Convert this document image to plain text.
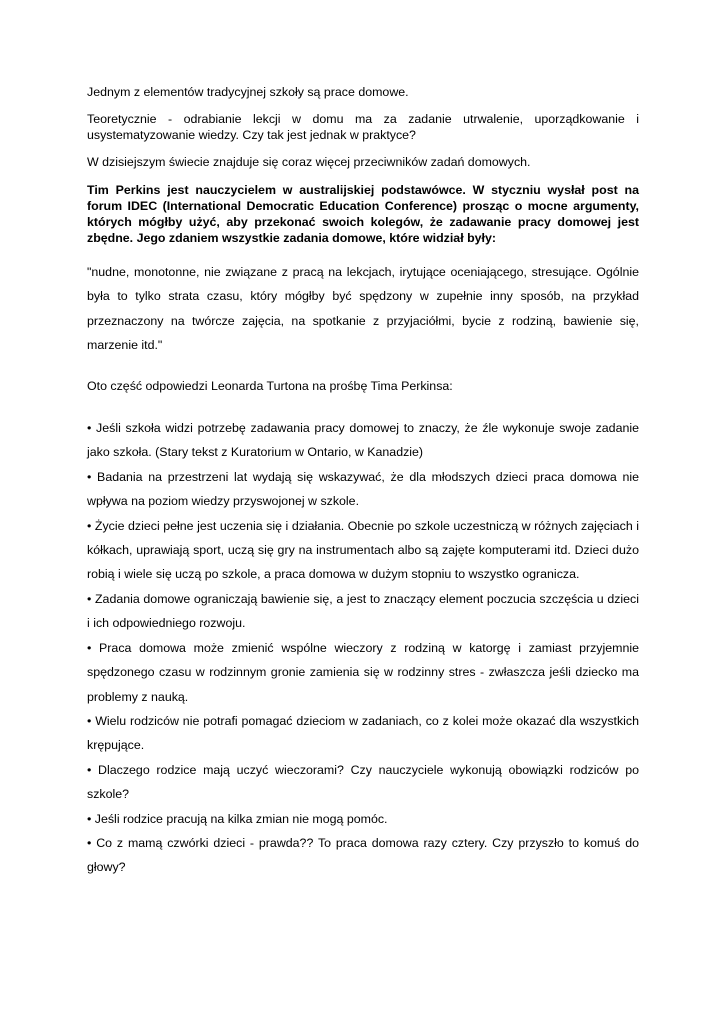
Jednym z elementów tradycyjnej szkoły są prace domowe.

Teoretycznie - odrabianie lekcji w domu ma za zadanie utrwalenie, uporządkowanie i usystematyzowanie wiedzy. Czy tak jest jednak w praktyce?

W dzisiejszym świecie znajduje się coraz więcej przeciwników zadań domowych.

Tim Perkins jest nauczycielem w australijskiej podstawówce. W styczniu wysłał post na forum IDEC (International Democratic Education Conference) prosząc o mocne argumenty, których mógłby użyć, aby przekonać swoich kolegów, że zadawanie pracy domowej jest zbędne. Jego zdaniem wszystkie zadania domowe, które widział były:

"nudne, monotonne, nie związane z pracą na lekcjach, irytujące oceniającego, stresujące. Ogólnie była to tylko strata czasu, który mógłby być spędzony w zupełnie inny sposób, na przykład przeznaczony na twórcze zajęcia, na spotkanie z przyjaciółmi, bycie z rodziną, bawienie się, marzenie itd."

Oto część odpowiedzi Leonarda Turtona na prośbę Tima Perkinsa:

• Jeśli szkoła widzi potrzebę zadawania pracy domowej to znaczy, że źle wykonuje swoje zadanie jako szkoła. (Stary tekst z Kuratorium w Ontario, w Kanadzie)

• Badania na przestrzeni lat wydają się wskazywać, że dla młodszych dzieci praca domowa nie wpływa na poziom wiedzy przyswojonej w szkole.

• Życie dzieci pełne jest uczenia się i działania. Obecnie po szkole uczestniczą w różnych zajęciach i kółkach, uprawiają sport, uczą się gry na instrumentach albo są zajęte komputerami itd. Dzieci dużo robią i wiele się uczą po szkole, a praca domowa w dużym stopniu to wszystko ogranicza.

• Zadania domowe ograniczają bawienie się, a jest to znaczący element poczucia szczęścia u dzieci i ich odpowiedniego rozwoju.

• Praca domowa może zmienić wspólne wieczory z rodziną w katorgę i zamiast przyjemnie spędzonego czasu w rodzinnym gronie zamienia się w rodzinny stres - zwłaszcza jeśli dziecko ma problemy z nauką.

• Wielu rodziców nie potrafi pomagać dzieciom w zadaniach, co z kolei może okazać dla wszystkich krępujące.

• Dlaczego rodzice mają uczyć wieczorami? Czy nauczyciele wykonują obowiązki rodziców po szkole?

• Jeśli rodzice pracują na kilka zmian nie mogą pomóc.

• Co z mamą czwórki dzieci - prawda?? To praca domowa razy cztery. Czy przyszło to komuś do głowy?
